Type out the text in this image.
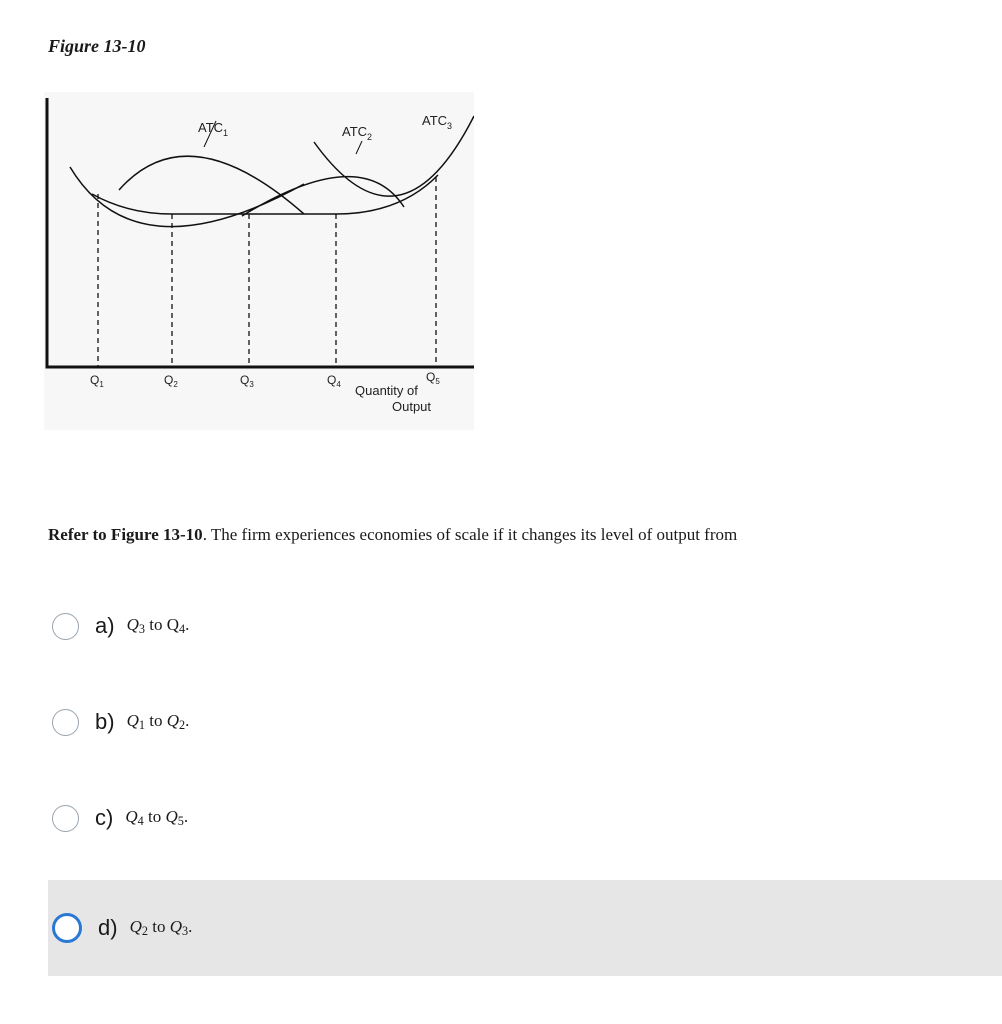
Figure 13-10
$ATC_1$	$ATC_2$
$ATC_3$
$Q_1$	$Q_2$	$Q_3$	$Q_4$
$Q_5$
Quantity of
Output
Refer to Figure 13-10. The firm experiences economies of scale if it changes its level of output from
a) $Q_3$ to $Q_4$.
b) $Q_1$ to $Q_2$.
c) $Q_4$ to $Q_5$.
d) $Q_2$ to $Q_3$.
